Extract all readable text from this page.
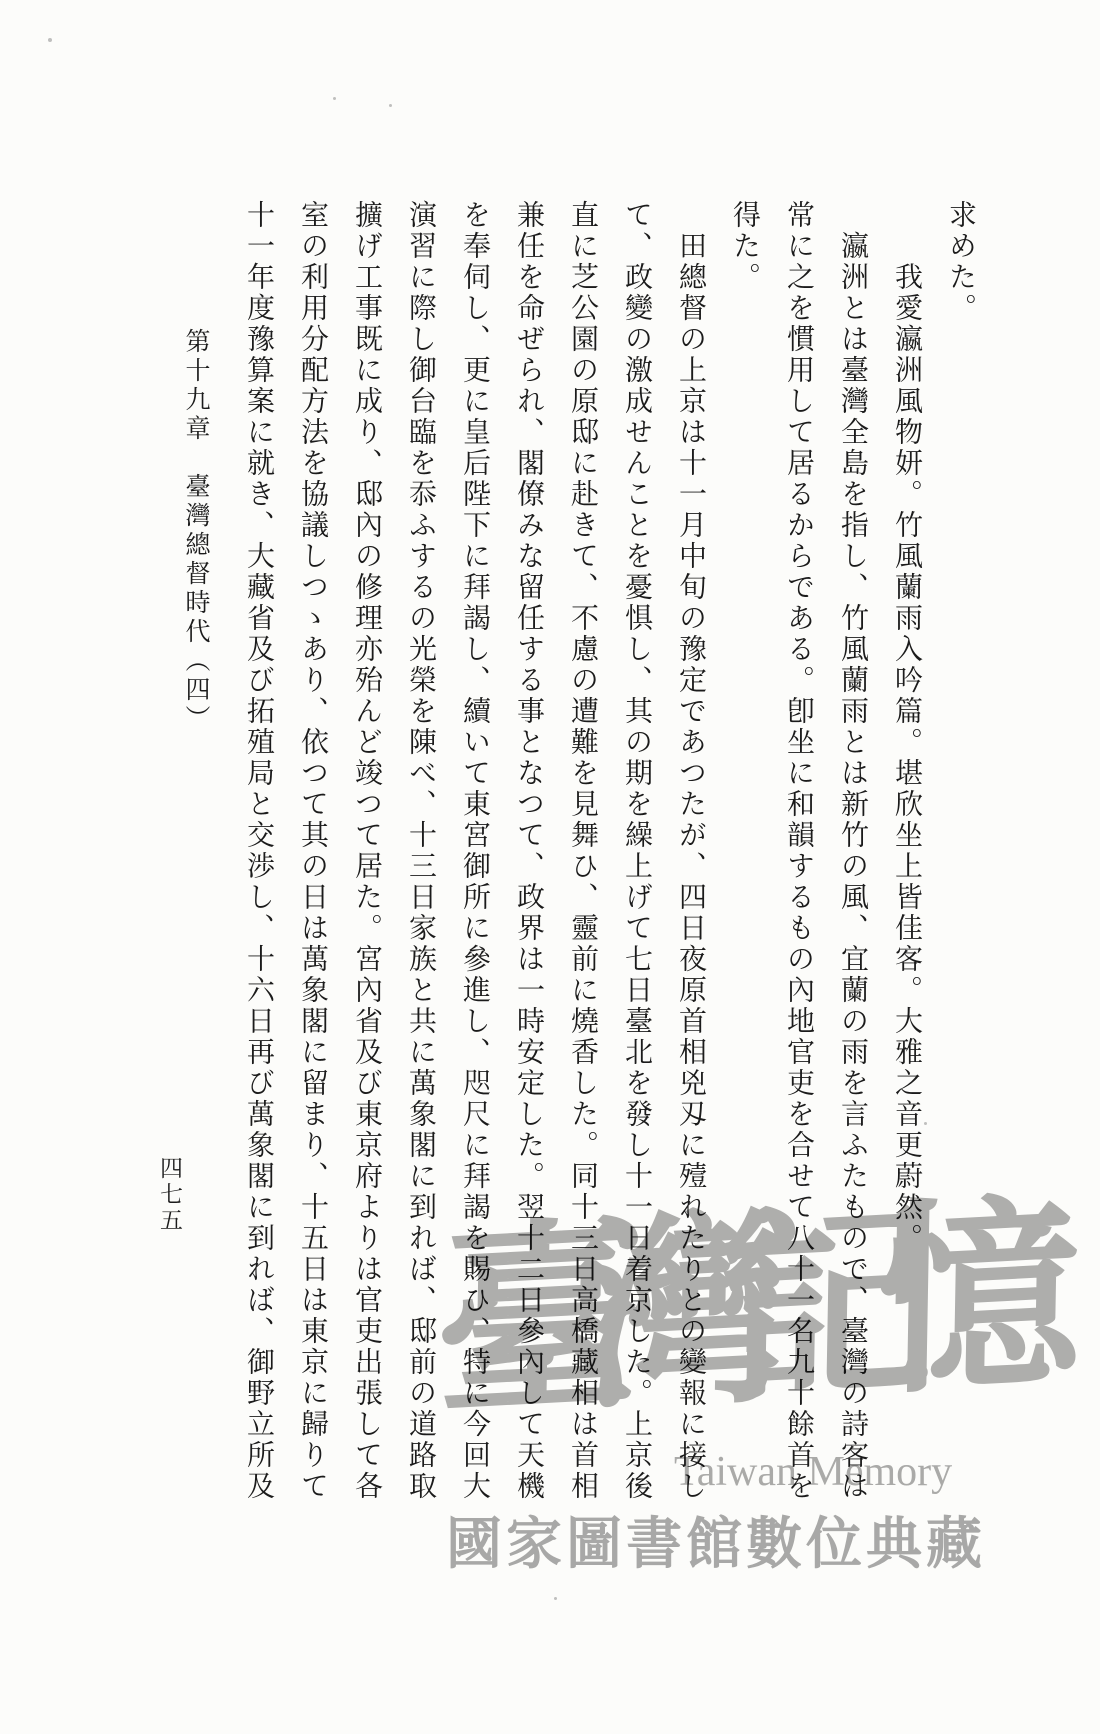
求めた。
我愛瀛洲風物妍。竹風蘭雨入吟篇。堪欣坐上皆佳客。大雅之音更蔚然。
瀛洲とは臺灣全島を指し、竹風蘭雨とは新竹の風、宜蘭の雨を言ふたもので、臺灣の詩客は
常に之を慣用して居るからである。卽坐に和韻するもの內地官吏を合せて八十一名九十餘首を
得た。
田總督の上京は十一月中旬の豫定であつたが、四日夜原首相兇刄に殪れたりとの變報に接し
て、政變の激成せんことを憂惧し、其の期を繰上げて七日臺北を發し十一日着京した。上京後
直に芝公園の原邸に赴きて、不慮の遭難を見舞ひ、靈前に燒香した。同十三日高橋藏相は首相
兼任を命ぜられ、閣僚みな留任する事となつて、政界は一時安定した。翌十二日參內して天機
を奉伺し、更に皇后陛下に拜謁し、續いて東宮御所に參進し、咫尺に拜謁を賜ひ、特に今回大
演習に際し御台臨を忝ふするの光榮を陳べ、十三日家族と共に萬象閣に到れば、邸前の道路取
擴げ工事既に成り、邸內の修理亦殆んど竣つて居た。宮內省及び東京府よりは官吏出張して各
室の利用分配方法を協議しつゝあり、依つて其の日は萬象閣に留まり、十五日は東京に歸りて
十一年度豫算案に就き、大藏省及び拓殖局と交渉し、十六日再び萬象閣に到れば、御野立所及
第十九章　臺灣總督時代（四）
四七五 臺灣記憶
Taiwan Memory
國家圖書館數位典藏
